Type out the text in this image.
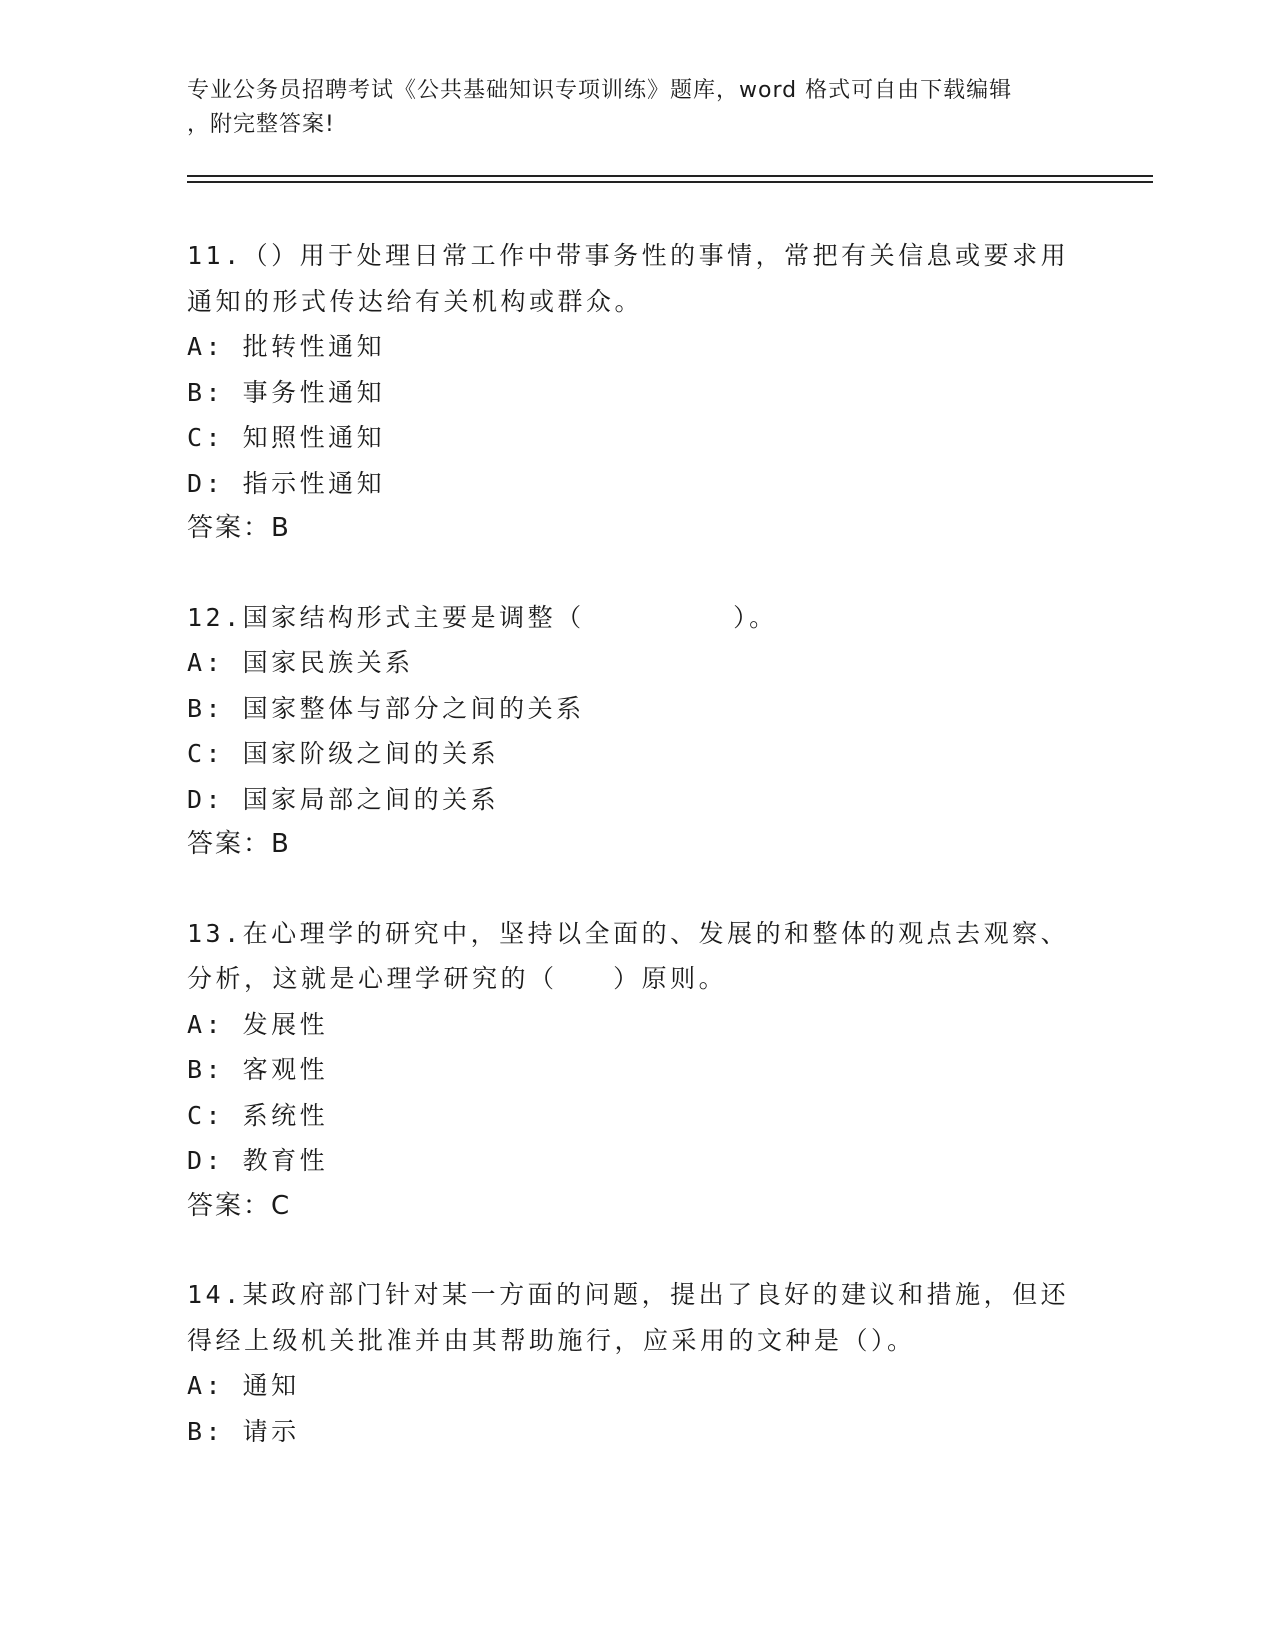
专业公务员招聘考试《公共基础知识专项训练》题库，word 格式可自由下载编辑
，附完整答案!
11.（）用于处理日常工作中带事务性的事情，常把有关信息或要求用
通知的形式传达给有关机构或群众。
A: 批转性通知
B: 事务性通知
C: 知照性通知
D: 指示性通知
答案：B
12.国家结构形式主要是调整（        ）。
A: 国家民族关系
B: 国家整体与部分之间的关系
C: 国家阶级之间的关系
D: 国家局部之间的关系
答案：B
13.在心理学的研究中，坚持以全面的、发展的和整体的观点去观察、
分析，这就是心理学研究的（   ）原则。
A: 发展性
B: 客观性
C: 系统性
D: 教育性
答案：C
14.某政府部门针对某一方面的问题，提出了良好的建议和措施，但还
得经上级机关批准并由其帮助施行，应采用的文种是（）。
A: 通知
B: 请示
